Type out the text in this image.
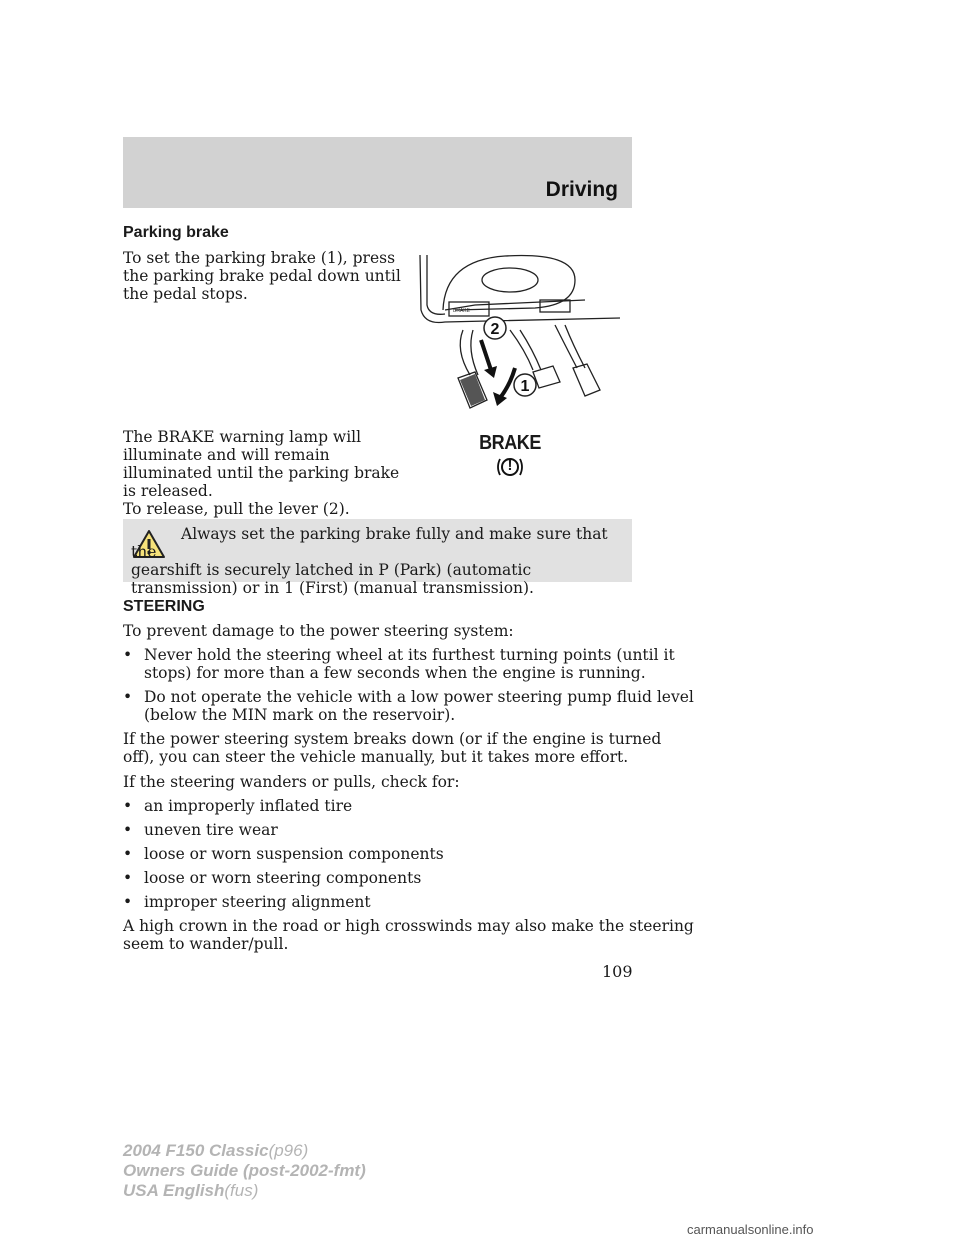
Driving
Parking brake
To set the parking brake (1), press
the parking brake pedal down until
the pedal stops.
BRAKE
2
1
The BRAKE warning lamp will
illuminate and will remain
illuminated until the parking brake
is released.
BRAKE
!
To release, pull the lever (2).
Always set the parking brake fully and make sure that the
gearshift is securely latched in P (Park) (automatic
transmission) or in 1 (First) (manual transmission).
STEERING
To prevent damage to the power steering system:
• Never hold the steering wheel at its furthest turning points (until it
stops) for more than a few seconds when the engine is running.
• Do not operate the vehicle with a low power steering pump fluid level
(below the MIN mark on the reservoir).
If the power steering system breaks down (or if the engine is turned
off), you can steer the vehicle manually, but it takes more effort.
If the steering wanders or pulls, check for:
• an improperly inflated tire
• uneven tire wear
• loose or worn suspension components
• loose or worn steering components
• improper steering alignment
A high crown in the road or high crosswinds may also make the steering
seem to wander/pull.
109
2004 F150 Classic(p96)
Owners Guide (post-2002-fmt)
USA English(fus)
carmanualsonline.info
